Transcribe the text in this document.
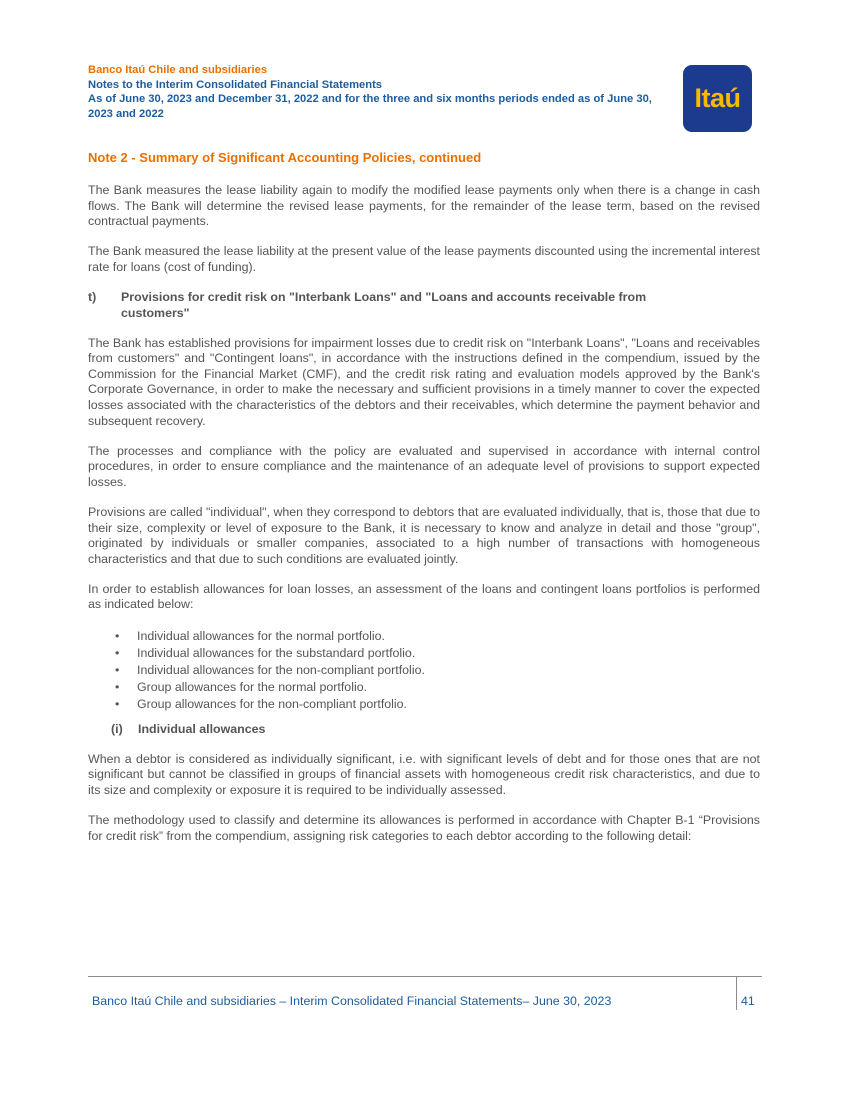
Banco Itaú Chile and subsidiaries
Notes to the Interim Consolidated Financial Statements
As of June 30, 2023 and December 31, 2022 and for the three and six months periods ended as of June 30, 2023 and 2022
Itaú
Note 2 - Summary of Significant Accounting Policies, continued

The Bank measures the lease liability again to modify the modified lease payments only when there is a change in cash flows. The Bank will determine the revised lease payments, for the remainder of the lease term, based on the revised contractual payments.

The Bank measured the lease liability at the present value of the lease payments discounted using the incremental interest rate for loans (cost of funding).

t)	Provisions for credit risk on "Interbank Loans" and "Loans and accounts receivable from
customers"

The Bank has established provisions for impairment losses due to credit risk on "Interbank Loans", "Loans and receivables from customers" and "Contingent loans", in accordance with the instructions defined in the compendium, issued by the Commission for the Financial Market (CMF), and the credit risk rating and evaluation models approved by the Bank's Corporate Governance, in order to make the necessary and sufficient provisions in a timely manner to cover the expected losses associated with the characteristics of the debtors and their receivables, which determine the payment behavior and subsequent recovery.

The processes and compliance with the policy are evaluated and supervised in accordance with internal control procedures, in order to ensure compliance and the maintenance of an adequate level of provisions to support expected losses.

Provisions are called "individual", when they correspond to debtors that are evaluated individually, that is, those that due to their size, complexity or level of exposure to the Bank, it is necessary to know and analyze in detail and those "group", originated by individuals or smaller companies, associated to a high number of transactions with homogeneous characteristics and that due to such conditions are evaluated jointly.

In order to establish allowances for loan losses, an assessment of the loans and contingent loans portfolios is performed as indicated below:

• Individual allowances for the normal portfolio.
• Individual allowances for the substandard portfolio.
• Individual allowances for the non-compliant portfolio.
• Group allowances for the normal portfolio.
• Group allowances for the non-compliant portfolio.
(i) Individual allowances

When a debtor is considered as individually significant, i.e. with significant levels of debt and for those ones that are not significant but cannot be classified in groups of financial assets with homogeneous credit risk characteristics, and due to its size and complexity or exposure it is required to be individually assessed.

The methodology used to classify and determine its allowances is performed in accordance with Chapter B-1 “Provisions for credit risk” from the compendium, assigning risk categories to each debtor according to the following detail:

Banco Itaú Chile and subsidiaries – Interim Consolidated Financial Statements– June 30, 2023	41
